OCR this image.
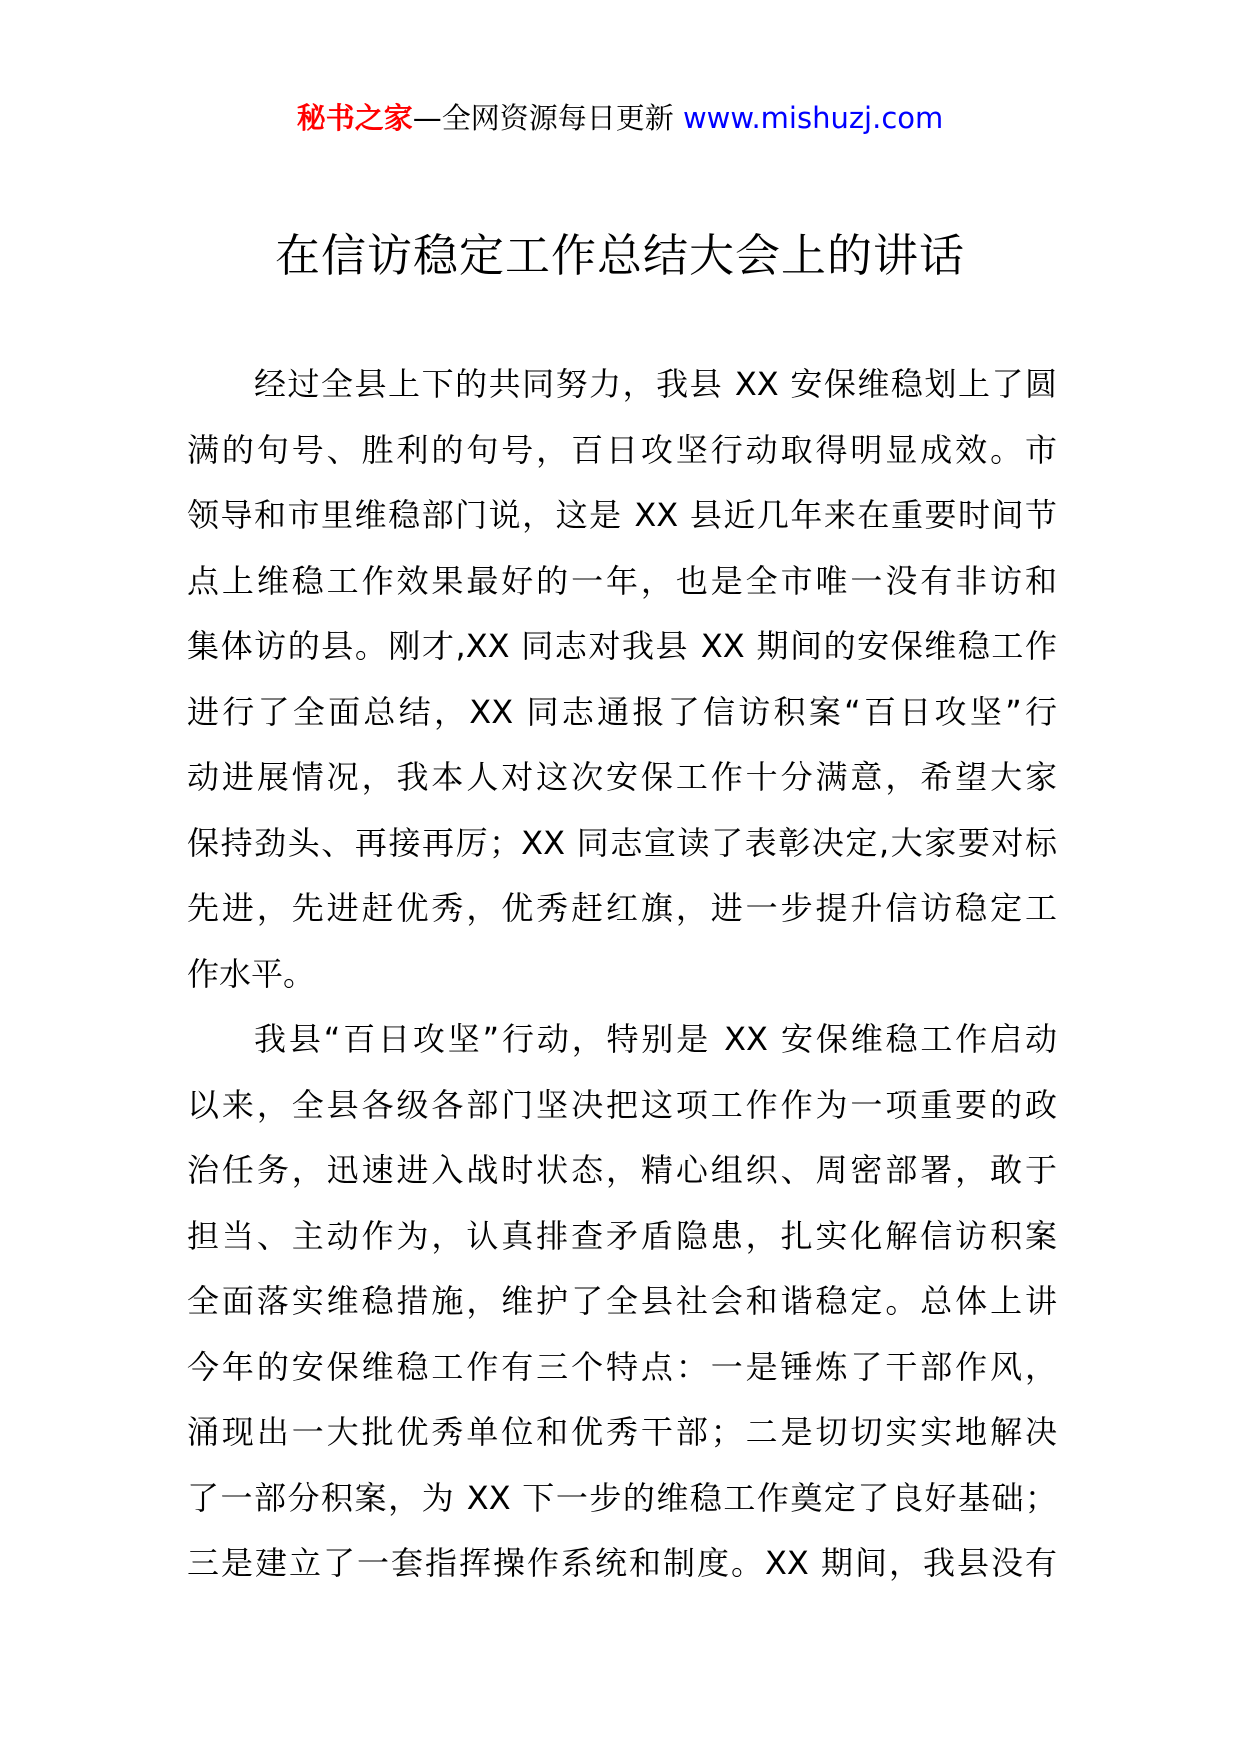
秘书之家—全网资源每日更新 www.mishuzj.com
在信访稳定工作总结大会上的讲话
经过全县上下的共同努力，我县 XX 安保维稳划上了圆
满的句号、胜利的句号，百日攻坚行动取得明显成效。市
领导和市里维稳部门说，这是 XX 县近几年来在重要时间节
点上维稳工作效果最好的一年，也是全市唯一没有非访和
集体访的县。刚才,XX 同志对我县 XX 期间的安保维稳工作
进行了全面总结，XX 同志通报了信访积案“百日攻坚”行
动进展情况，我本人对这次安保工作十分满意，希望大家
保持劲头、再接再厉；XX 同志宣读了表彰决定,大家要对标
先进，先进赶优秀，优秀赶红旗，进一步提升信访稳定工
作水平。
我县“百日攻坚”行动，特别是 XX 安保维稳工作启动
以来，全县各级各部门坚决把这项工作作为一项重要的政
治任务，迅速进入战时状态，精心组织、周密部署，敢于
担当、主动作为，认真排查矛盾隐患，扎实化解信访积案
全面落实维稳措施，维护了全县社会和谐稳定。总体上讲
今年的安保维稳工作有三个特点：一是锤炼了干部作风，
涌现出一大批优秀单位和优秀干部；二是切切实实地解决
了一部分积案，为 XX 下一步的维稳工作奠定了良好基础；
三是建立了一套指挥操作系统和制度。XX 期间，我县没有
